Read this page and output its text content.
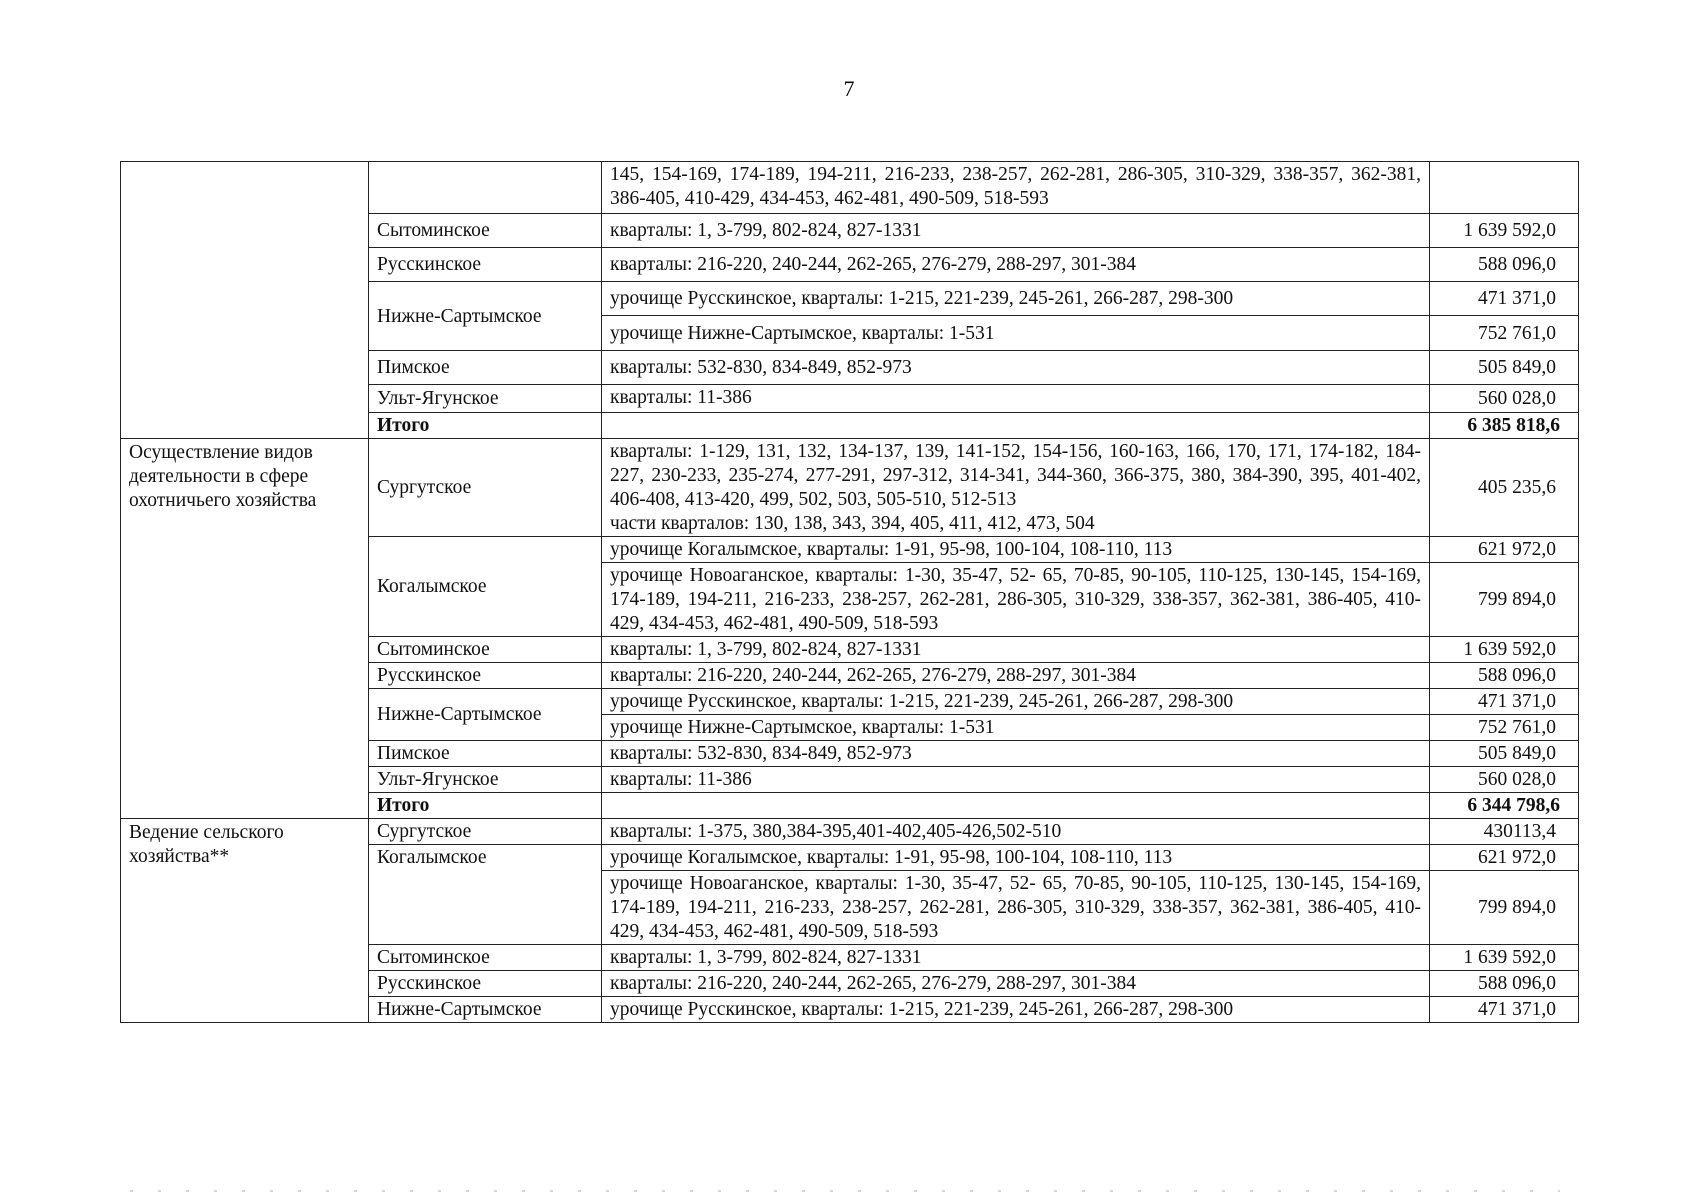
7
		145, 154-169, 174-189, 194-211, 216-233, 238-257, 262-281, 286-305, 310-329, 338-357, 362-381, 386-405, 410-429, 434-453, 462-481, 490-509, 518-593	
	Сытоминское	кварталы: 1, 3-799, 802-824, 827-1331	1 639 592,0
	Русскинское	кварталы: 216-220, 240-244, 262-265, 276-279, 288-297, 301-384	588 096,0
	Нижне-Сартымское	урочище Русскинское, кварталы: 1-215, 221-239, 245-261, 266-287, 298-300	471 371,0
		урочище Нижне-Сартымское, кварталы: 1-531	752 761,0
	Пимское	кварталы: 532-830, 834-849, 852-973	505 849,0
	Ульт-Ягунское	кварталы: 11-386	560 028,0
	Итого		6 385 818,6
Осуществление видов деятельности в сфере охотничьего хозяйства	Сургутское	кварталы: 1-129, 131, 132, 134-137, 139, 141-152, 154-156, 160-163, 166, 170, 171, 174-182, 184-227, 230-233, 235-274, 277-291, 297-312, 314-341, 344-360, 366-375, 380, 384-390, 395, 401-402, 406-408, 413-420, 499, 502, 503, 505-510, 512-513
части кварталов: 130, 138, 343, 394, 405, 411, 412, 473, 504	405 235,6
	Когалымское	урочище Когалымское, кварталы: 1-91, 95-98, 100-104, 108-110, 113	621 972,0
		урочище Новоаганское, кварталы: 1-30, 35-47, 52- 65, 70-85, 90-105, 110-125, 130-145, 154-169, 174-189, 194-211, 216-233, 238-257, 262-281, 286-305, 310-329, 338-357, 362-381, 386-405, 410-429, 434-453, 462-481, 490-509, 518-593	799 894,0
	Сытоминское	кварталы: 1, 3-799, 802-824, 827-1331	1 639 592,0
	Русскинское	кварталы: 216-220, 240-244, 262-265, 276-279, 288-297, 301-384	588 096,0
	Нижне-Сартымское	урочище Русскинское, кварталы: 1-215, 221-239, 245-261, 266-287, 298-300	471 371,0
		урочище Нижне-Сартымское, кварталы: 1-531	752 761,0
	Пимское	кварталы: 532-830, 834-849, 852-973	505 849,0
	Ульт-Ягунское	кварталы: 11-386	560 028,0
	Итого		6 344 798,6
Ведение сельского хозяйства**	Сургутское	кварталы: 1-375, 380,384-395,401-402,405-426,502-510	430113,4
	Когалымское	урочище Когалымское, кварталы: 1-91, 95-98, 100-104, 108-110, 113	621 972,0
		урочище Новоаганское, кварталы: 1-30, 35-47, 52- 65, 70-85, 90-105, 110-125, 130-145, 154-169, 174-189, 194-211, 216-233, 238-257, 262-281, 286-305, 310-329, 338-357, 362-381, 386-405, 410-429, 434-453, 462-481, 490-509, 518-593	799 894,0
	Сытоминское	кварталы: 1, 3-799, 802-824, 827-1331	1 639 592,0
	Русскинское	кварталы: 216-220, 240-244, 262-265, 276-279, 288-297, 301-384	588 096,0
	Нижне-Сартымское	урочище Русскинское, кварталы: 1-215, 221-239, 245-261, 266-287, 298-300	471 371,0
